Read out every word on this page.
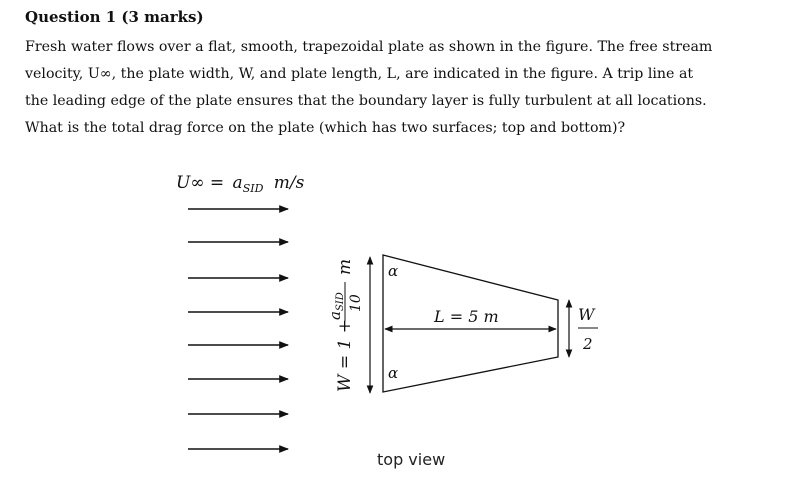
Question 1 (3 marks)

Fresh water flows over a flat, smooth, trapezoidal plate as shown in the figure. The free stream

velocity, U∞, the plate width, W, and plate length, L, are indicated in the figure. A trip line at

the leading edge of the plate ensures that the boundary layer is fully turbulent at all locations.

What is the total drag force on the plate (which has two surfaces; top and bottom)?

$U\infty = a_{SID}$ m/s
W = 1 +
$a_{SID}$ 10
m α
α
L = 5 m	W
2
top view
